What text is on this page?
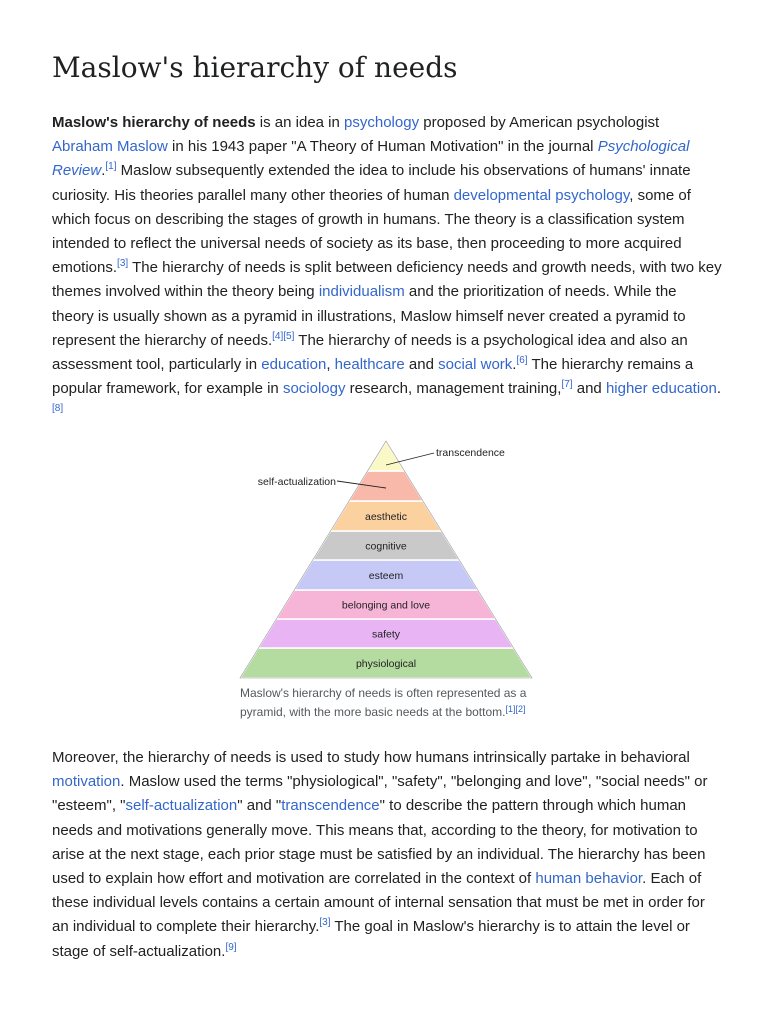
Maslow's hierarchy of needs

Maslow's hierarchy of needs is an idea in psychology proposed by American psychologist Abraham Maslow in his 1943 paper "A Theory of Human Motivation" in the journal Psychological Review.[1] Maslow subsequently extended the idea to include his observations of humans' innate curiosity. His theories parallel many other theories of human developmental psychology, some of which focus on describing the stages of growth in humans. The theory is a classification system intended to reflect the universal needs of society as its base, then proceeding to more acquired emotions.[3] The hierarchy of needs is split between deficiency needs and growth needs, with two key themes involved within the theory being individualism and the prioritization of needs. While the theory is usually shown as a pyramid in illustrations, Maslow himself never created a pyramid to represent the hierarchy of needs.[4][5] The hierarchy of needs is a psychological idea and also an assessment tool, particularly in education, healthcare and social work.[6] The hierarchy remains a popular framework, for example in sociology research, management training,[7] and higher education.[8]

physiological
safety
belonging and love
esteem
cognitive
aesthetic
self-actualization
transcendence

Maslow's hierarchy of needs is often represented as a pyramid, with the more basic needs at the bottom.[1][2]

Moreover, the hierarchy of needs is used to study how humans intrinsically partake in behavioral motivation. Maslow used the terms "physiological", "safety", "belonging and love", "social needs" or "esteem", "self-actualization" and "transcendence" to describe the pattern through which human needs and motivations generally move. This means that, according to the theory, for motivation to arise at the next stage, each prior stage must be satisfied by an individual. The hierarchy has been used to explain how effort and motivation are correlated in the context of human behavior. Each of these individual levels contains a certain amount of internal sensation that must be met in order for an individual to complete their hierarchy.[3] The goal in Maslow's hierarchy is to attain the level or stage of self-actualization.[9]
